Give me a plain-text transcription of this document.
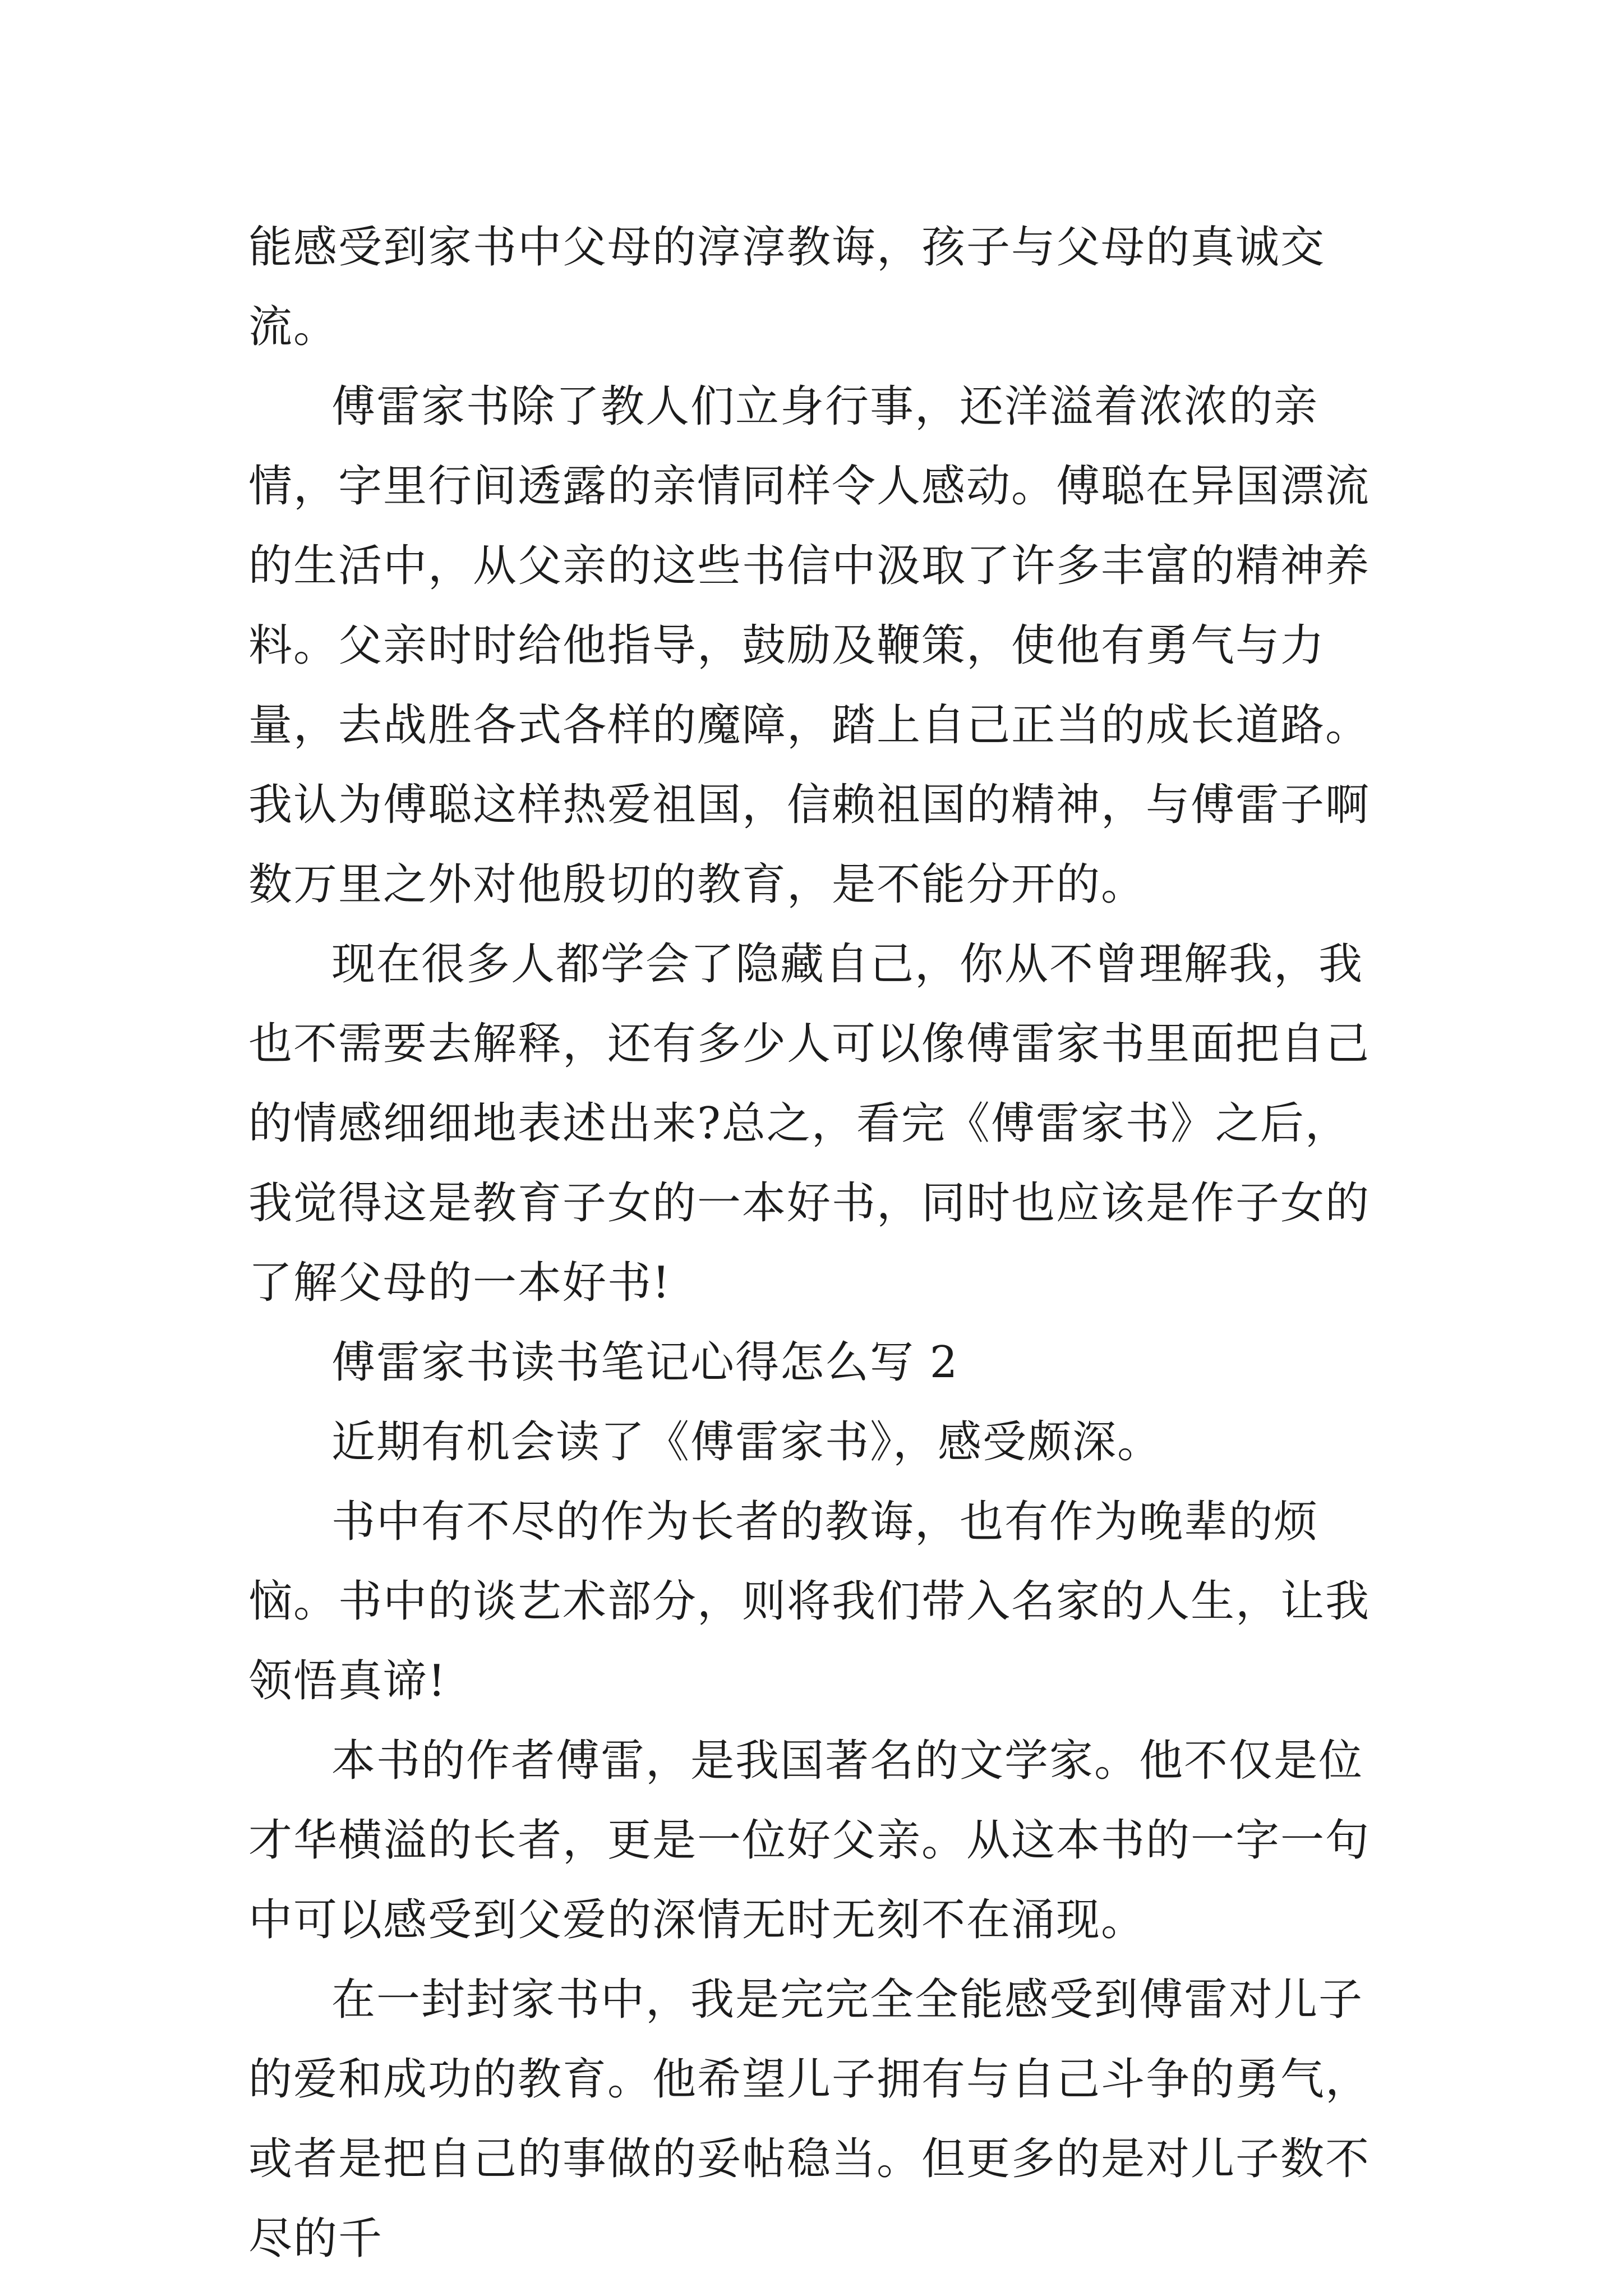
能感受到家书中父母的淳淳教诲，孩子与父母的真诚交流。

傅雷家书除了教人们立身行事，还洋溢着浓浓的亲情，字里行间透露的亲情同样令人感动。傅聪在异国漂流的生活中，从父亲的这些书信中汲取了许多丰富的精神养料。父亲时时给他指导，鼓励及鞭策，使他有勇气与力量，去战胜各式各样的魔障，踏上自己正当的成长道路。我认为傅聪这样热爱祖国，信赖祖国的精神，与傅雷子啊数万里之外对他殷切的教育，是不能分开的。

现在很多人都学会了隐藏自己，你从不曾理解我，我也不需要去解释，还有多少人可以像傅雷家书里面把自己的情感细细地表述出来?总之，看完《傅雷家书》之后，我觉得这是教育子女的一本好书，同时也应该是作子女的了解父母的一本好书!

傅雷家书读书笔记心得怎么写 2

近期有机会读了《傅雷家书》，感受颇深。

书中有不尽的作为长者的教诲，也有作为晚辈的烦恼。书中的谈艺术部分，则将我们带入名家的人生，让我领悟真谛!

本书的作者傅雷，是我国著名的文学家。他不仅是位才华横溢的长者，更是一位好父亲。从这本书的一字一句中可以感受到父爱的深情无时无刻不在涌现。

在一封封家书中，我是完完全全能感受到傅雷对儿子的爱和成功的教育。他希望儿子拥有与自己斗争的勇气，或者是把自己的事做的妥帖稳当。但更多的是对儿子数不尽的千
